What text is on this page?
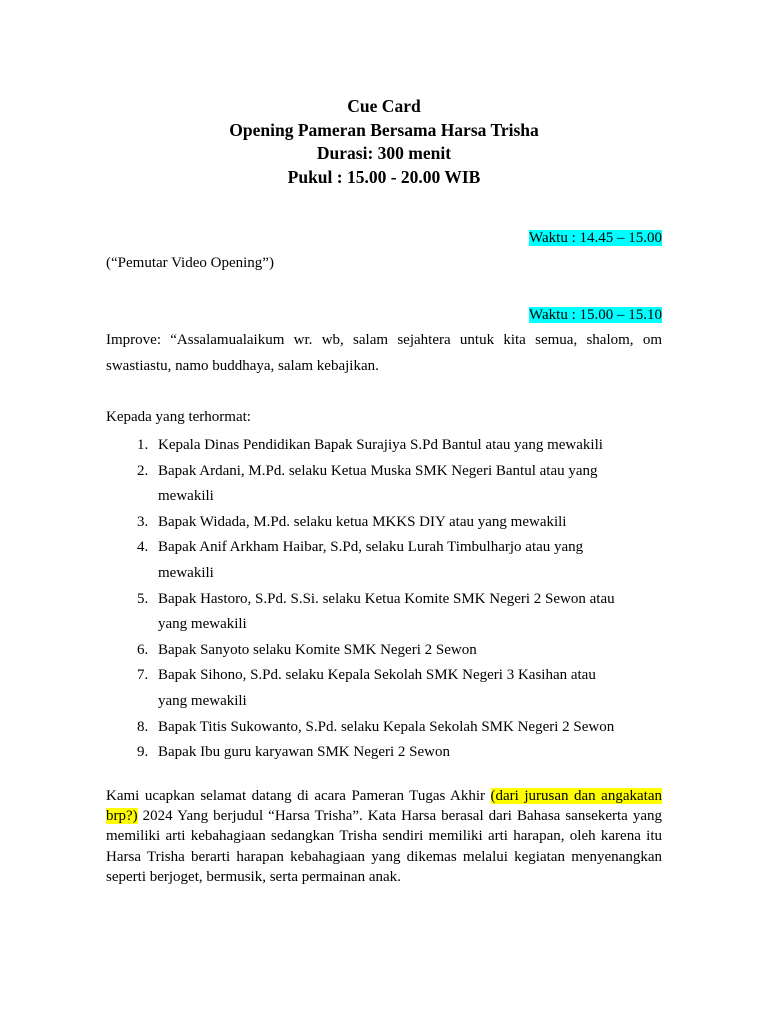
Cue Card
Opening Pameran Bersama Harsa Trisha
Durasi: 300 menit
Pukul : 15.00 - 20.00 WIB
Waktu : 14.45 – 15.00
(“Pemutar Video Opening”)
Waktu : 15.00 – 15.10
Improve: “Assalamualaikum wr. wb, salam sejahtera untuk kita semua, shalom, om
swastiastu, namo buddhaya, salam kebajikan.
Kepada yang terhormat:
1. Kepala Dinas Pendidikan Bapak Surajiya S.Pd Bantul atau yang mewakili
2. Bapak Ardani, M.Pd. selaku Ketua Muska SMK Negeri Bantul atau yang
mewakili
3. Bapak Widada, M.Pd. selaku ketua MKKS DIY atau yang mewakili
4. Bapak Anif Arkham Haibar, S.Pd, selaku Lurah Timbulharjo atau yang
mewakili
5. Bapak Hastoro, S.Pd. S.Si. selaku Ketua Komite SMK Negeri 2 Sewon atau
yang mewakili
6. Bapak Sanyoto selaku Komite SMK Negeri 2 Sewon
7. Bapak Sihono, S.Pd. selaku Kepala Sekolah SMK Negeri 3 Kasihan atau
yang mewakili
8. Bapak Titis Sukowanto, S.Pd. selaku Kepala Sekolah SMK Negeri 2 Sewon
9. Bapak Ibu guru karyawan SMK Negeri 2 Sewon
Kami ucapkan selamat datang di acara Pameran Tugas Akhir (dari jurusan dan angakatan brp?) 2024 Yang berjudul “Harsa Trisha”. Kata Harsa berasal dari Bahasa sansekerta yang memiliki arti kebahagiaan sedangkan Trisha sendiri memiliki arti harapan, oleh karena itu Harsa Trisha berarti harapan kebahagiaan yang dikemas melalui kegiatan menyenangkan seperti berjoget, bermusik, serta permainan anak.
